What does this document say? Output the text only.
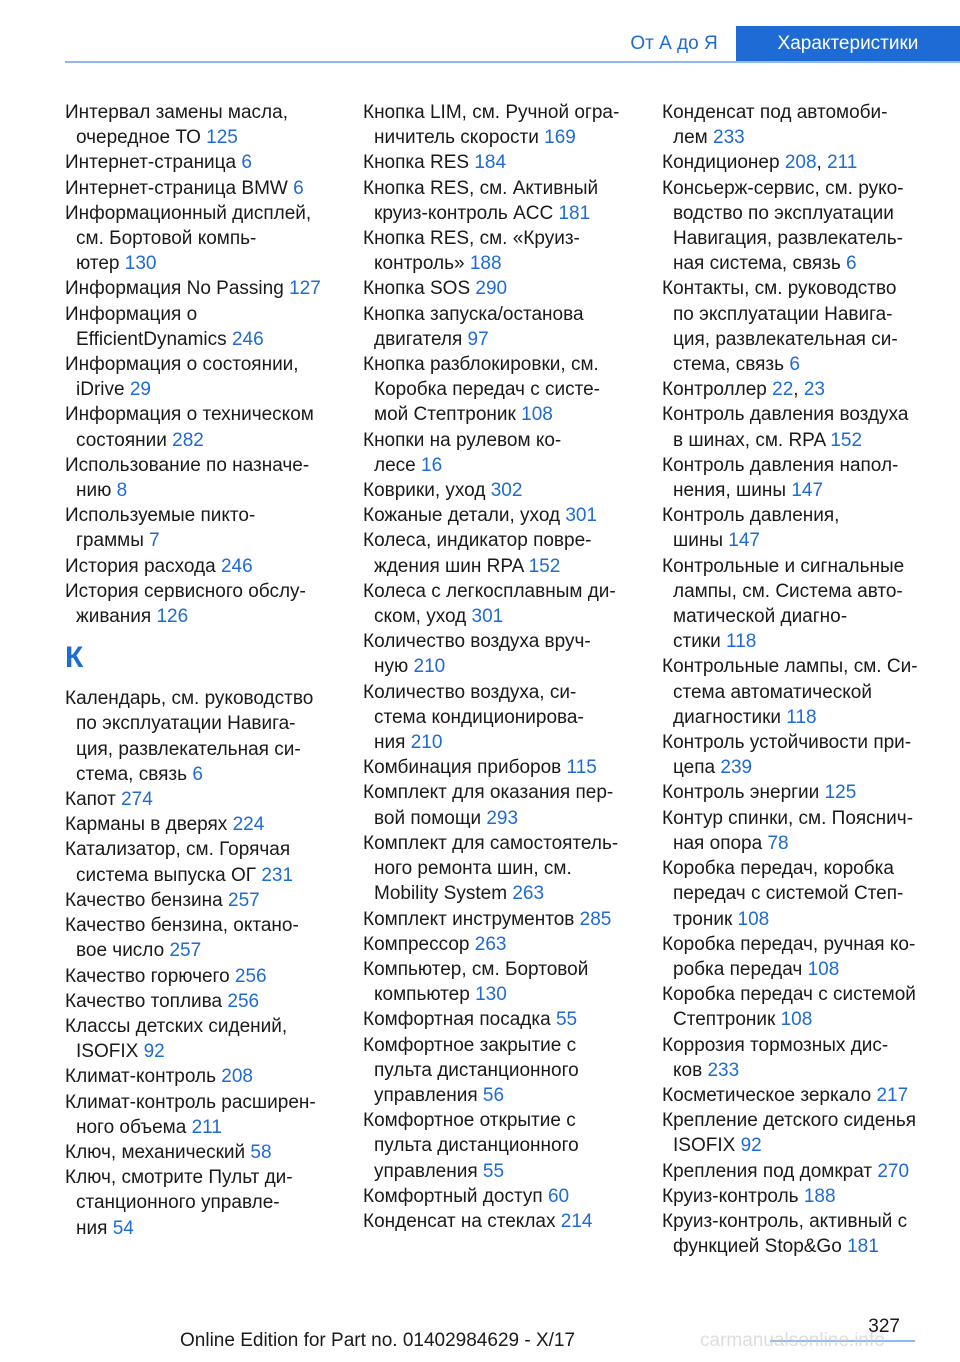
От А до Я	Характеристики

Интервал замены масла,
очередное ТО 125

Интернет-страница 6

Интернет-страница BMW 6

Информационный дисплей,
см. Бортовой компь-
ютер 130

Информация No Passing 127

Информация о
EfficientDynamics 246

Информация о состоянии,
iDrive 29

Информация о техническом
состоянии 282

Использование по назначе-
нию 8

Используемые пикто-
граммы 7

История расхода 246

История сервисного обслу-
живания 126

К

Календарь, см. руководство
по эксплуатации Навига-
ция, развлекательная си-
стема, связь 6

Капот 274

Карманы в дверях 224

Катализатор, см. Горячая
система выпуска ОГ 231

Качество бензина 257

Качество бензина, октано-
вое число 257

Качество горючего 256

Качество топлива 256

Классы детских сидений,
ISOFIX 92

Климат-контроль 208

Климат-контроль расширен-
ного объема 211

Ключ, механический 58

Ключ, смотрите Пульт ди-
станционного управле-
ния 54

Кнопка LIM, см. Ручной огра-
ничитель скорости 169

Кнопка RES 184

Кнопка RES, см. Активный
круиз-контроль ACC 181

Кнопка RES, см. «Круиз-
контроль» 188

Кнопка SOS 290

Кнопка запуска/останова
двигателя 97

Кнопка разблокировки, см.
Коробка передач с систе-
мой Стептроник 108

Кнопки на рулевом ко-
лесе 16

Коврики, уход 302

Кожаные детали, уход 301

Колеса, индикатор повре-
ждения шин RPA 152

Колеса с легкосплавным ди-
ском, уход 301

Количество воздуха вруч-
ную 210

Количество воздуха, си-
стема кондиционирова-
ния 210

Комбинация приборов 115

Комплект для оказания пер-
вой помощи 293

Комплект для самостоятель-
ного ремонта шин, см.
Mobility System 263

Комплект инструментов 285

Компрессор 263

Компьютер, см. Бортовой
компьютер 130

Комфортная посадка 55

Комфортное закрытие с
пульта дистанционного
управления 56

Комфортное открытие с
пульта дистанционного
управления 55

Комфортный доступ 60

Конденсат на стеклах 214

Конденсат под автомоби-
лем 233

Кондиционер 208, 211

Консьерж-сервис, см. руко-
водство по эксплуатации
Навигация, развлекатель-
ная система, связь 6

Контакты, см. руководство
по эксплуатации Навига-
ция, развлекательная си-
стема, связь 6

Контроллер 22, 23

Контроль давления воздуха
в шинах, см. RPA 152

Контроль давления напол-
нения, шины 147

Контроль давления,
шины 147

Контрольные и сигнальные
лампы, см. Система авто-
матической диагно-
стики 118

Контрольные лампы, см. Си-
стема автоматической
диагностики 118

Контроль устойчивости при-
цепа 239

Контроль энергии 125

Контур спинки, см. Пояснич-
ная опора 78

Коробка передач, коробка
передач с системой Степ-
троник 108

Коробка передач, ручная ко-
робка передач 108

Коробка передач с системой
Стептроник 108

Коррозия тормозных дис-
ков 233

Косметическое зеркало 217

Крепление детского сиденья
ISOFIX 92

Крепления под домкрат 270

Круиз-контроль 188

Круиз-контроль, активный с
функцией Stop&Go 181

327
Online Edition for Part no. 01402984629 - X/17	carmanualsonline.info
